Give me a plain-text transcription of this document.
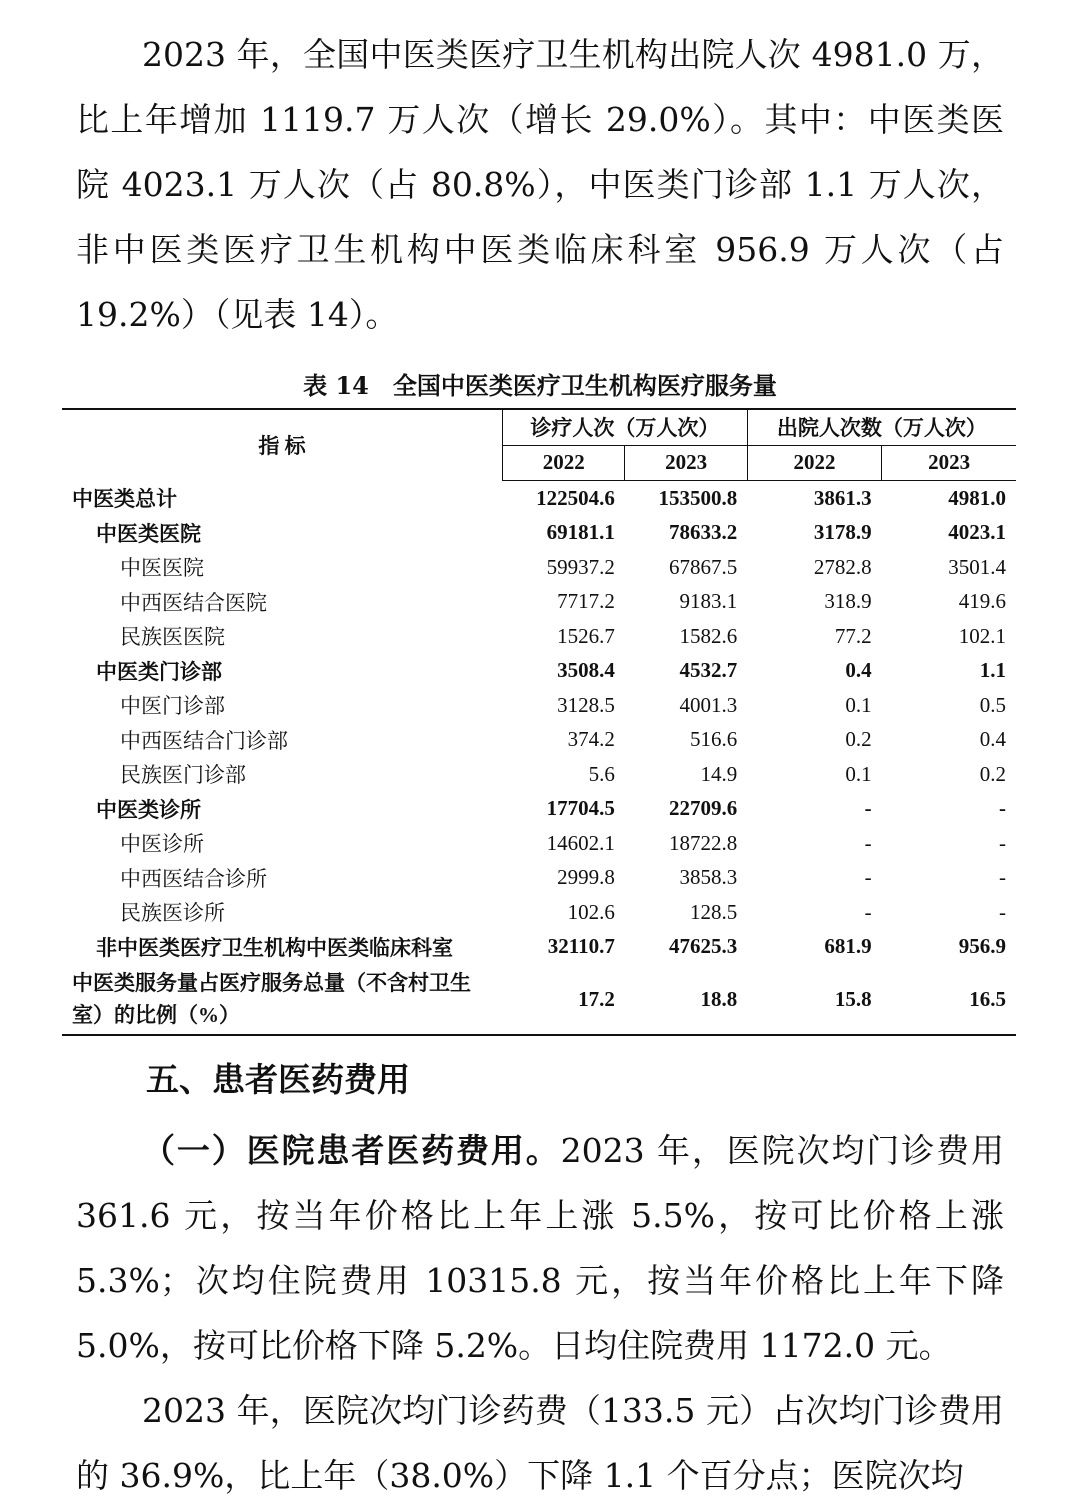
2023 年，全国中医类医疗卫生机构出院人次 4981.0 万，比上年增加 1119.7 万人次（增长 29.0%）。其中：中医类医院 4023.1 万人次（占 80.8%），中医类门诊部 1.1 万人次，非中医类医疗卫生机构中医类临床科室 956.9 万人次（占 19.2%）（见表 14）。

表 14　全国中医类医疗卫生机构医疗服务量
指 标	诊疗人次（万人次）		出院人次数（万人次）	
	2022	2023	2022	2023
中医类总计	122504.6	153500.8	3861.3	4981.0
中医类医院	69181.1	78633.2	3178.9	4023.1
中医医院	59937.2	67867.5	2782.8	3501.4
中西医结合医院	7717.2	9183.1	318.9	419.6
民族医医院	1526.7	1582.6	77.2	102.1
中医类门诊部	3508.4	4532.7	0.4	1.1
中医门诊部	3128.5	4001.3	0.1	0.5
中西医结合门诊部	374.2	516.6	0.2	0.4
民族医门诊部	5.6	14.9	0.1	0.2
中医类诊所	17704.5	22709.6	-	-
中医诊所	14602.1	18722.8	-	-
中西医结合诊所	2999.8	3858.3	-	-
民族医诊所	102.6	128.5	-	-
非中医类医疗卫生机构中医类临床科室	32110.7	47625.3	681.9	956.9
中医类服务量占医疗服务总量（不含村卫生室）的比例（%）	17.2	18.8	15.8	16.5
五、患者医药费用

（一）医院患者医药费用。2023 年，医院次均门诊费用 361.6 元，按当年价格比上年上涨 5.5%，按可比价格上涨 5.3%；次均住院费用 10315.8 元，按当年价格比上年下降 5.0%，按可比价格下降 5.2%。日均住院费用 1172.0 元。

2023 年，医院次均门诊药费（133.5 元）占次均门诊费用的 36.9%，比上年（38.0%）下降 1.1 个百分点；医院次均
